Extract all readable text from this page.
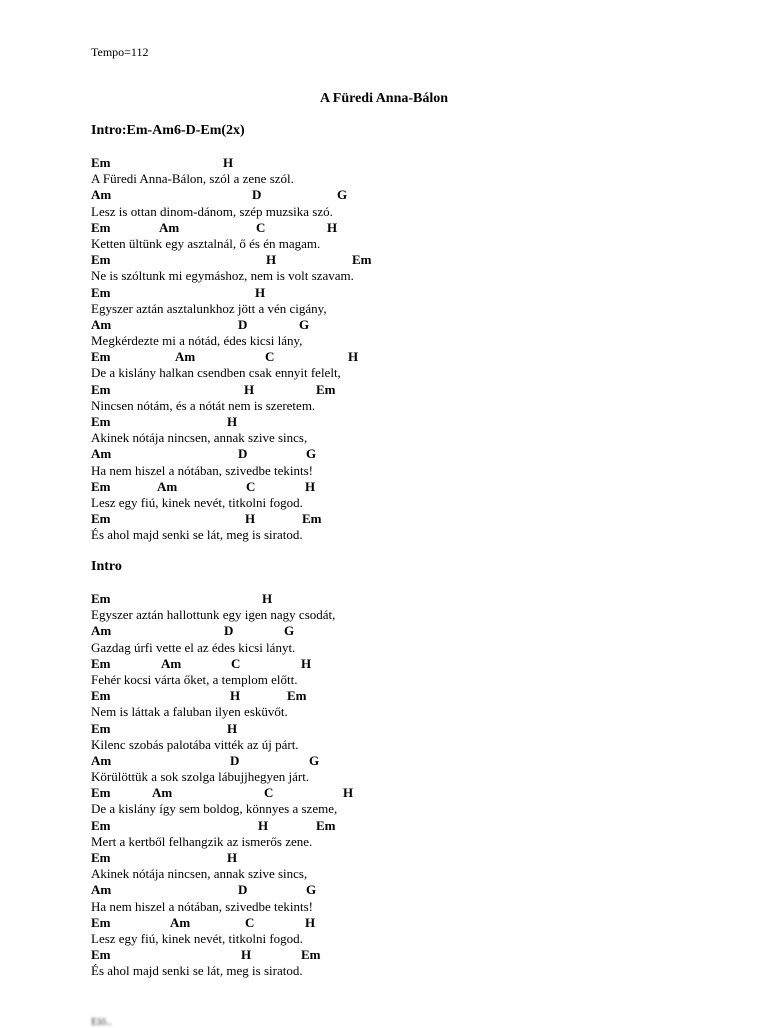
Tempo=112
A Füredi Anna-Bálon
Intro:Em-Am6-D-Em(2x)
Em	H
A Füredi Anna-Bálon, szól a zene szól.
Am	D	G
Lesz is ottan dinom-dánom, szép muzsika szó.
Em	Am	C	H
Ketten ültünk egy asztalnál, ő és én magam.
Em	H	Em
Ne is szóltunk mi egymáshoz, nem is volt szavam.
Em	H
Egyszer aztán asztalunkhoz jött a vén cigány,
Am	D	G
Megkérdezte mi a nótád, édes kicsi lány,
Em	Am	C	H
De a kislány halkan csendben csak ennyit felelt,
Em	H	Em
Nincsen nótám, és a nótát nem is szeretem.
Em	H
Akinek nótája nincsen, annak szive sincs,
Am	D	G
Ha nem hiszel a nótában, szivedbe tekints!
Em	Am	C	H
Lesz egy fiú, kinek nevét, titkolni fogod.
Em	H	Em
És ahol majd senki se lát, meg is siratod.
Intro
Em	H
Egyszer aztán hallottunk egy igen nagy csodát,
Am	D	G
Gazdag úrfi vette el az édes kicsi lányt.
Em	Am	C	H
Fehér kocsi várta őket, a templom előtt.
Em	H	Em
Nem is láttak a faluban ilyen esküvőt.
Em	H
Kilenc szobás palotába vitték az új párt.
Am	D	G
Körülöttük a sok szolga lábujjhegyen járt.
Em	Am	C	H
De a kislány így sem boldog, könnyes a szeme,
Em	H	Em
Mert a kertből felhangzik az ismerős zene.
Em	H
Akinek nótája nincsen, annak szive sincs,
Am	D	G
Ha nem hiszel a nótában, szivedbe tekints!
Em	Am	C	H
Lesz egy fiú, kinek nevét, titkolni fogod.
Em	H	Em
És ahol majd senki se lát, meg is siratod.
Elő..
